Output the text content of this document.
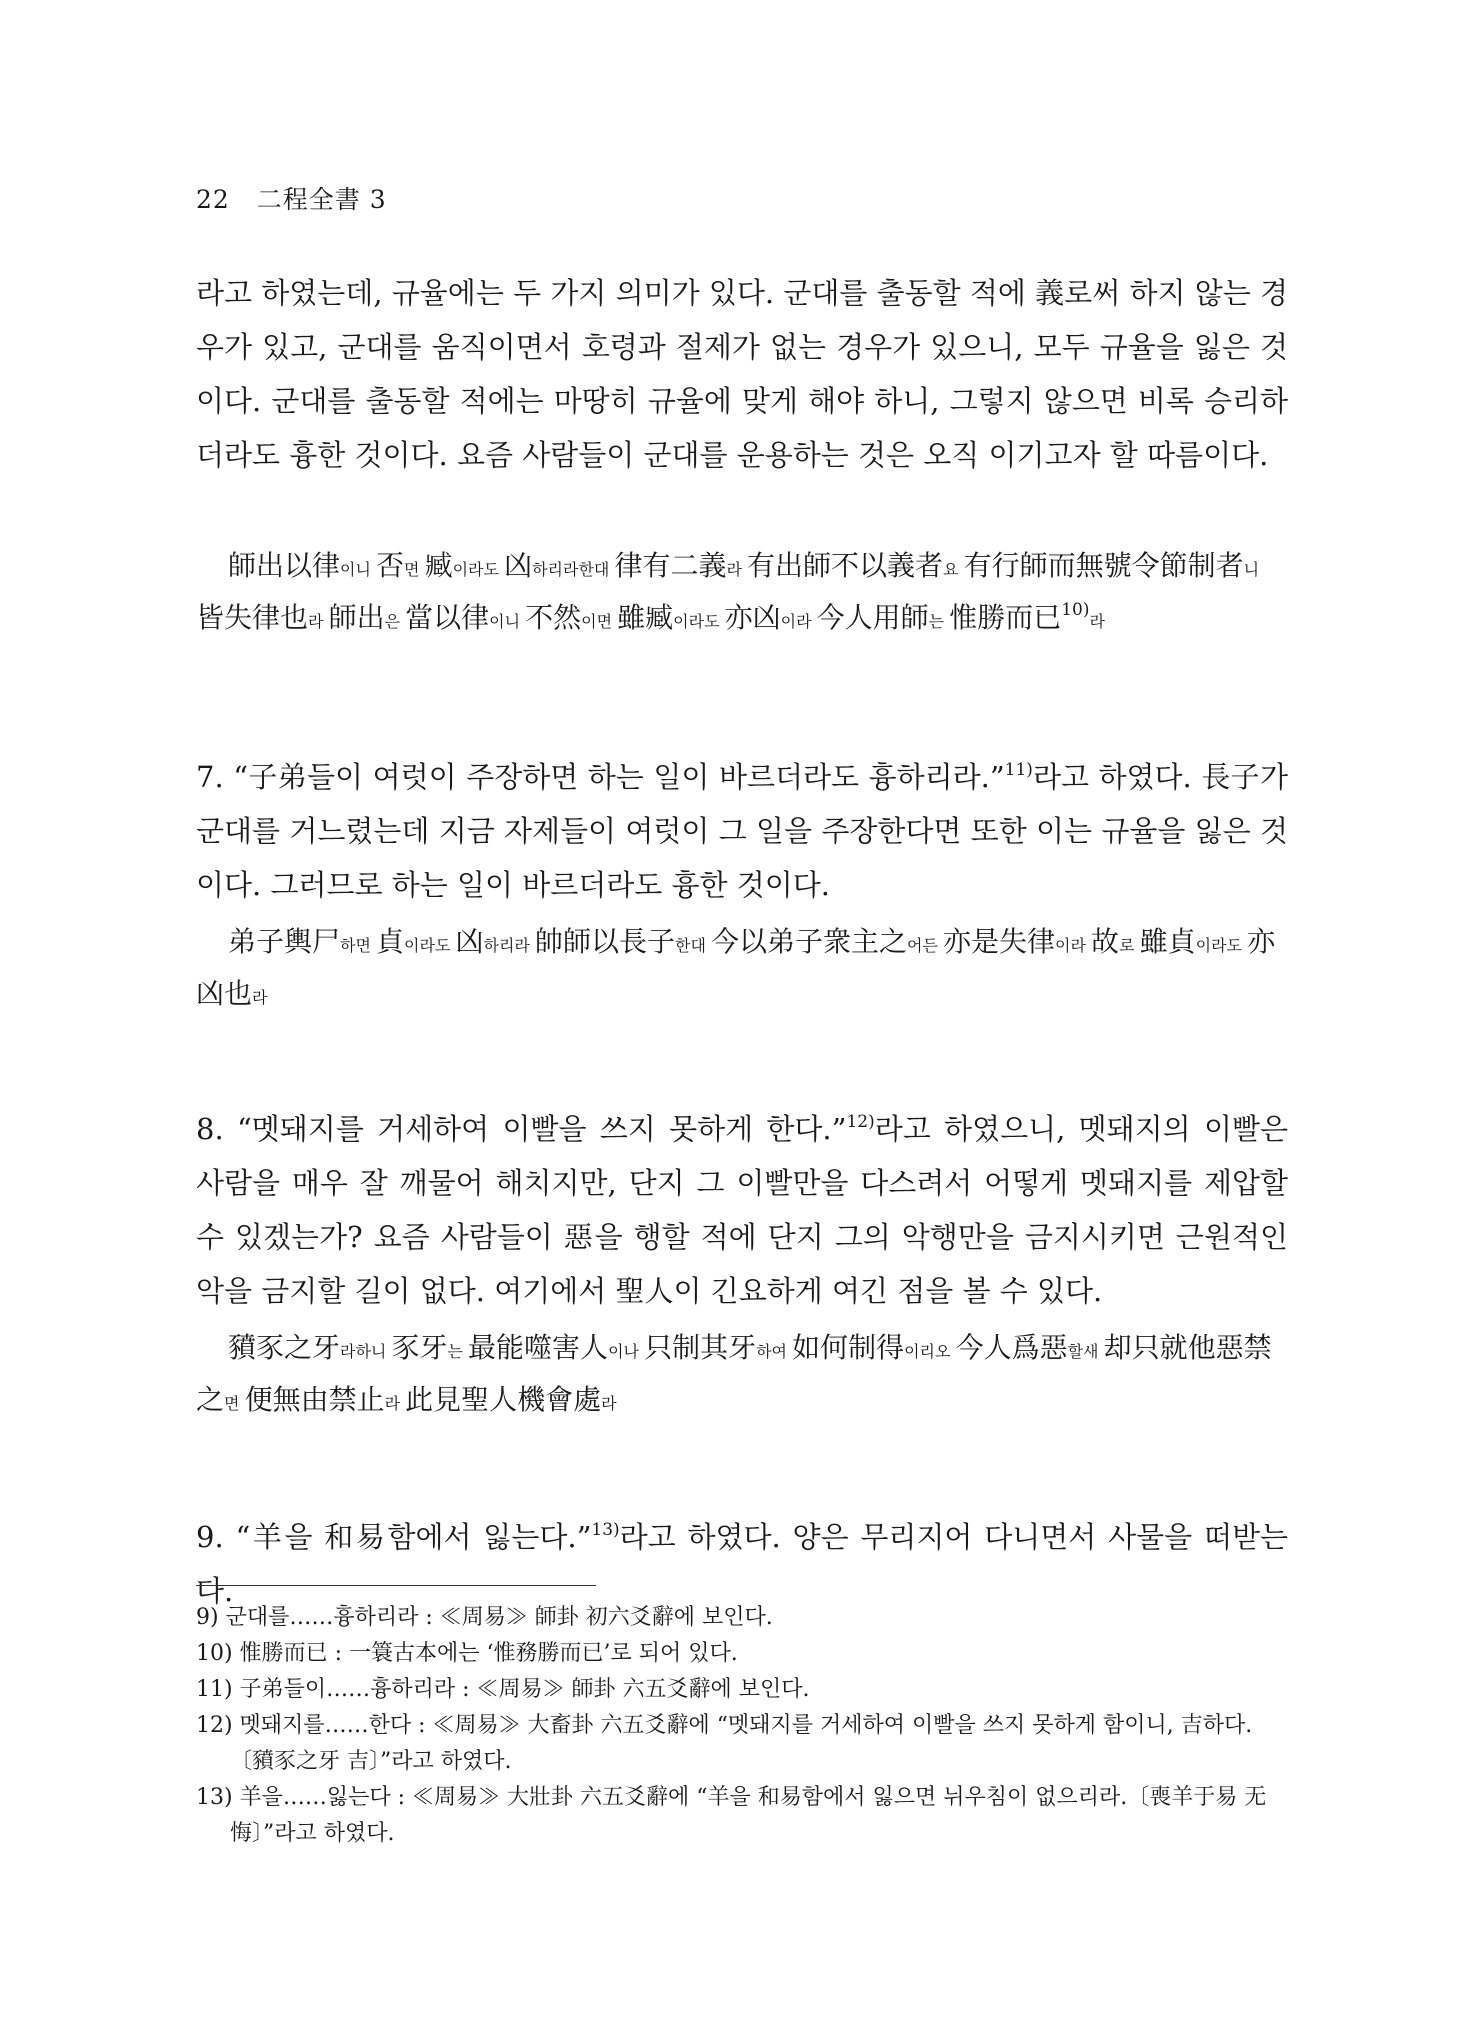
22 二程全書 3

라고 하였는데, 규율에는 두 가지 의미가 있다. 군대를 출동할 적에 義로써 하지 않는 경우가 있고, 군대를 움직이면서 호령과 절제가 없는 경우가 있으니, 모두 규율을 잃은 것이다. 군대를 출동할 적에는 마땅히 규율에 맞게 해야 하니, 그렇지 않으면 비록 승리하더라도 흉한 것이다. 요즘 사람들이 군대를 운용하는 것은 오직 이기고자 할 따름이다.

師出以律이니 否면 臧이라도 凶하리라한대 律有二義라 有出師不以義者요 有行師而無號令節制者니 皆失律也라 師出은 當以律이니 不然이면 雖臧이라도 亦凶이라 今人用師는 惟勝而已$^{10)}$라

7. “子弟들이 여럿이 주장하면 하는 일이 바르더라도 흉하리라.”$^{11)}$라고 하였다. 長子가 군대를 거느렸는데 지금 자제들이 여럿이 그 일을 주장한다면 또한 이는 규율을 잃은 것이다. 그러므로 하는 일이 바르더라도 흉한 것이다.

弟子輿尸하면 貞이라도 凶하리라 帥師以長子한대 今以弟子衆主之어든 亦是失律이라 故로 雖貞이라도 亦凶也라

8. “멧돼지를 거세하여 이빨을 쓰지 못하게 한다.”$^{12)}$라고 하였으니, 멧돼지의 이빨은 사람을 매우 잘 깨물어 해치지만, 단지 그 이빨만을 다스려서 어떻게 멧돼지를 제압할 수 있겠는가? 요즘 사람들이 惡을 행할 적에 단지 그의 악행만을 금지시키면 근원적인 악을 금지할 길이 없다. 여기에서 聖人이 긴요하게 여긴 점을 볼 수 있다.

豶豕之牙라하니 豕牙는 最能噬害人이나 只制其牙하여 如何制得이리오 今人爲惡할새 却只就他惡禁之면 便無由禁止라 此見聖人機會處라

9. “羊을 和易함에서 잃는다.”$^{13)}$라고 하였다. 양은 무리지어 다니면서 사물을 떠받는다.

9) 군대를……흉하리라 : ≪周易≫ 師卦 初六爻辭에 보인다.
10) 惟勝而已 : 一簑古本에는 ‘惟務勝而已’로 되어 있다.
11) 子弟들이……흉하리라 : ≪周易≫ 師卦 六五爻辭에 보인다.
12) 멧돼지를……한다 : ≪周易≫ 大畜卦 六五爻辭에 “멧돼지를 거세하여 이빨을 쓰지 못하게 함이니, 吉하다.〔豶豕之牙 吉〕”라고 하였다.
13) 羊을……잃는다 : ≪周易≫ 大壯卦 六五爻辭에 “羊을 和易함에서 잃으면 뉘우침이 없으리라.〔喪羊于易 无悔〕”라고 하였다.
